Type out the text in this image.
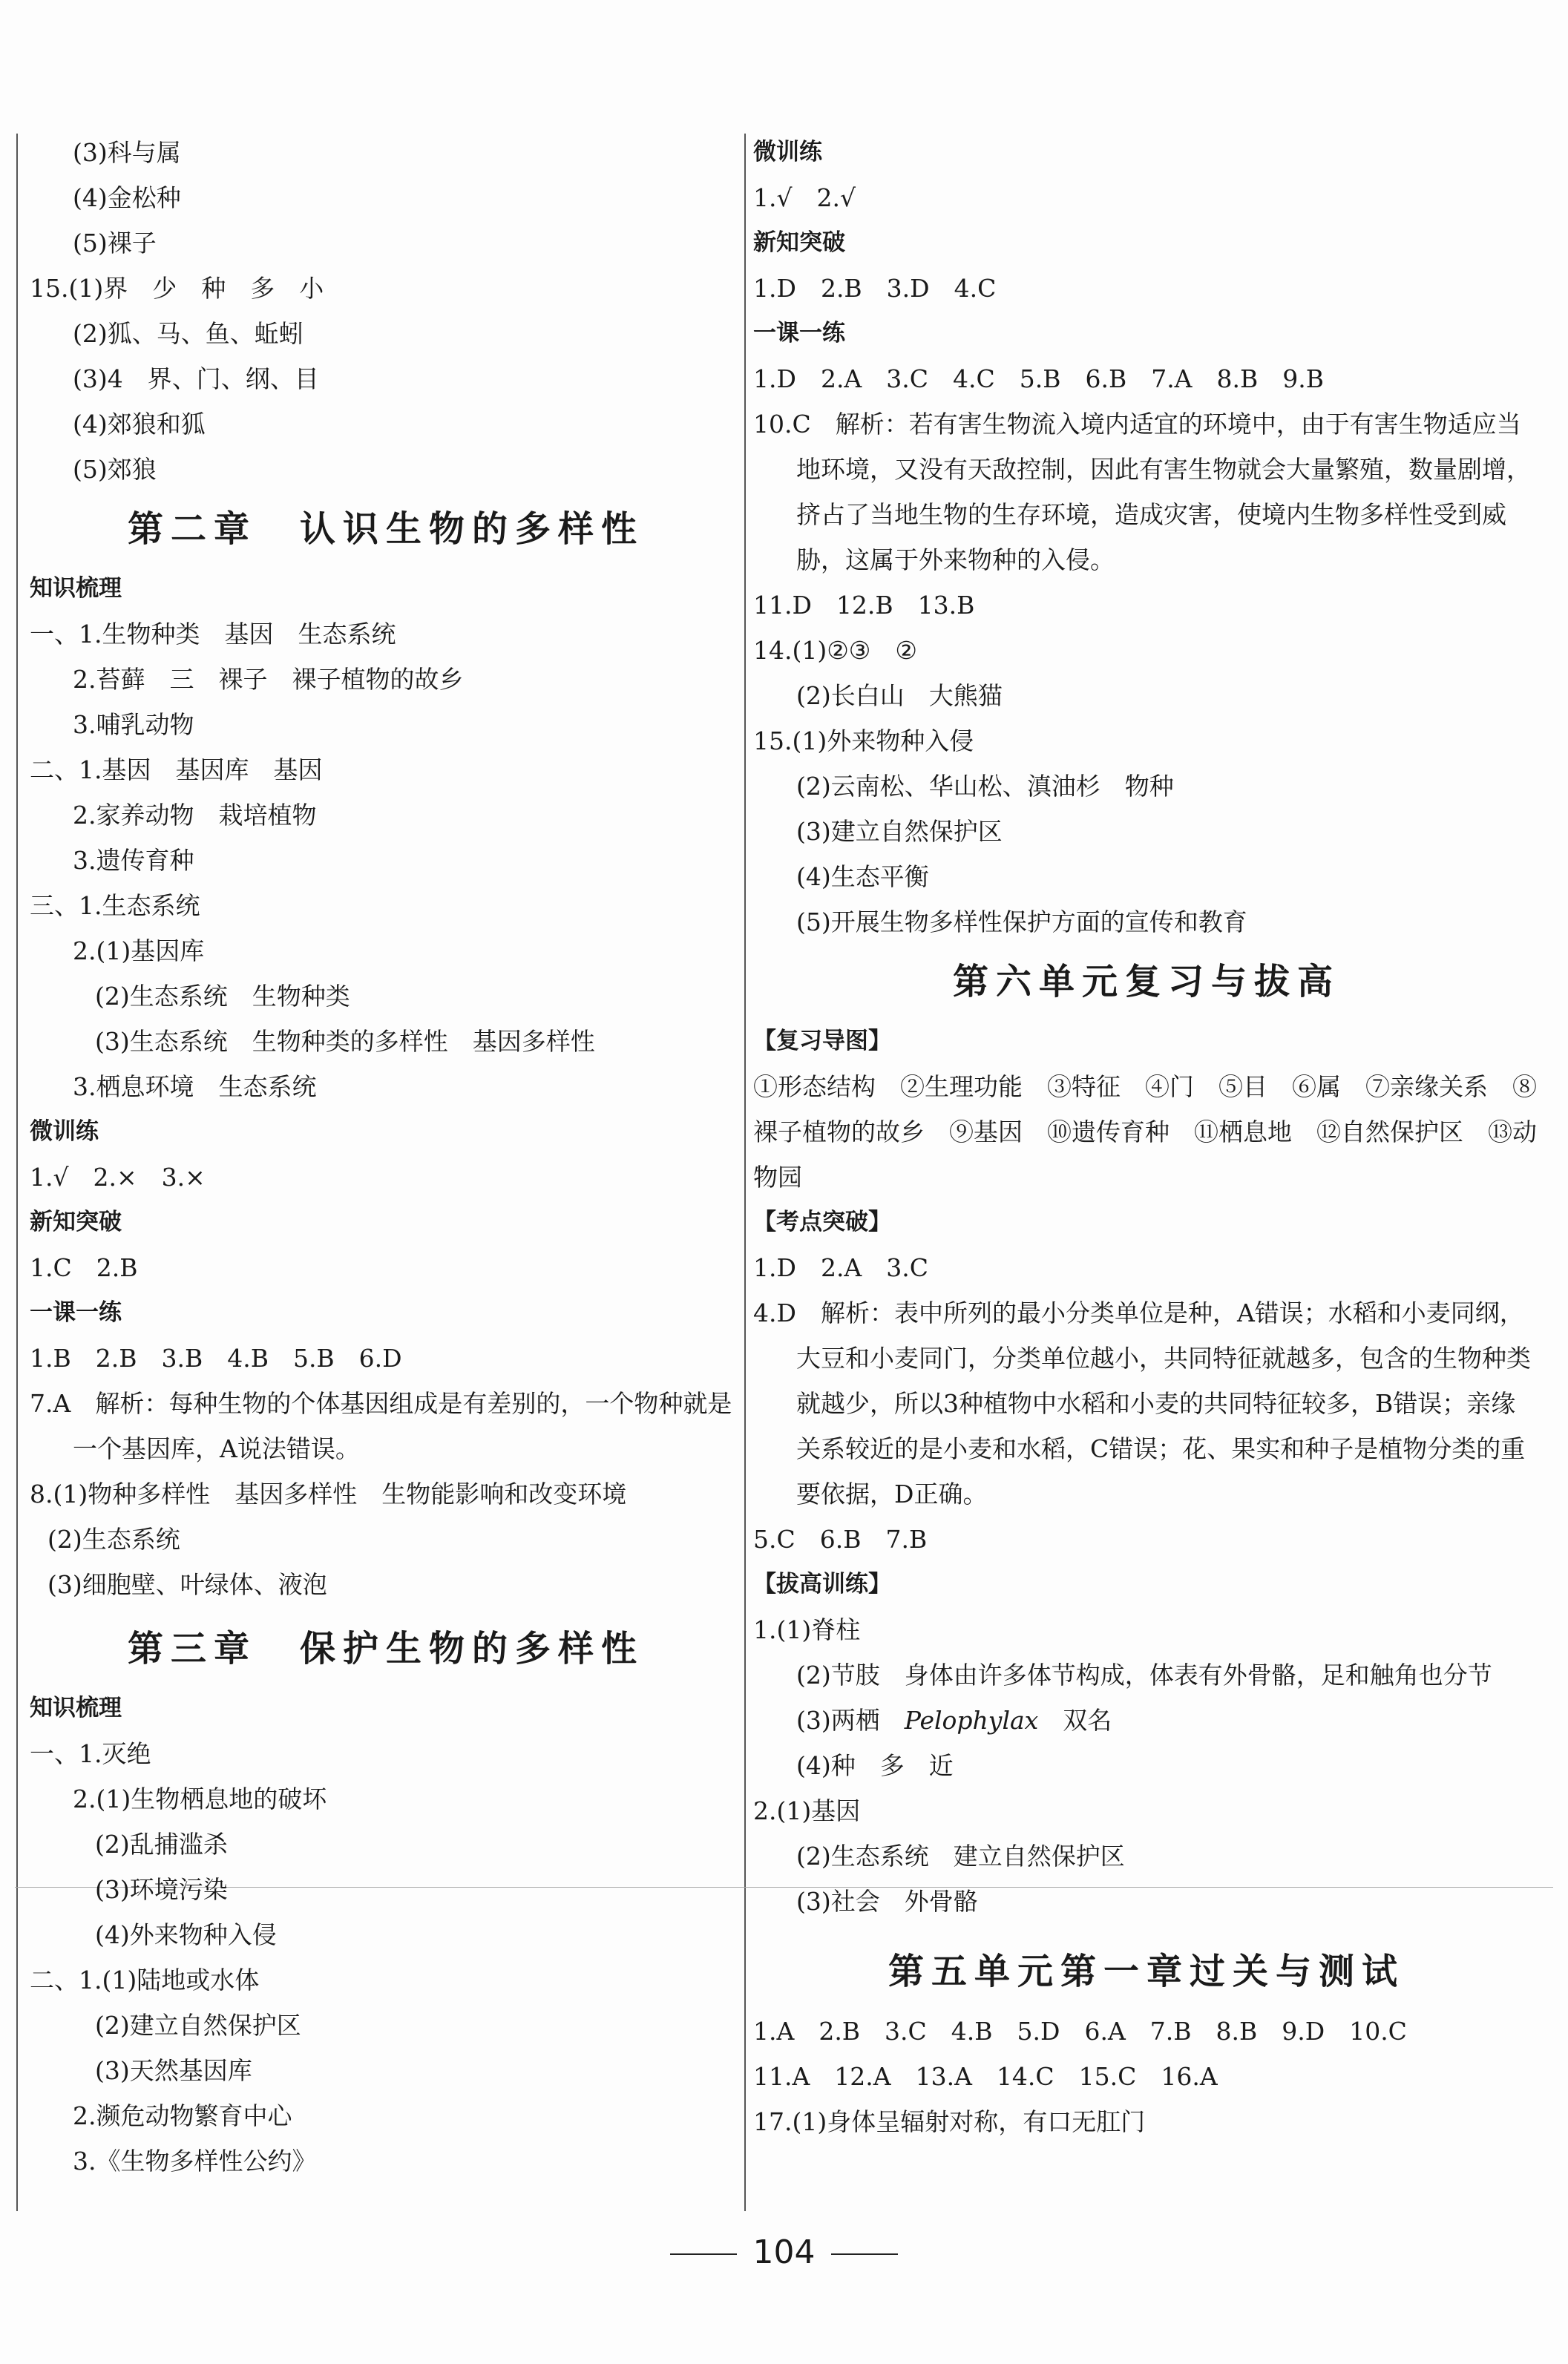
(3)科与属
(4)金松种
(5)裸子
15.(1)界　少　种　多　小
(2)狐、马、鱼、蚯蚓
(3)4　界、门、纲、目
(4)郊狼和狐
(5)郊狼
第二章　认识生物的多样性
知识梳理
一、1.生物种类　基因　生态系统
2.苔藓　三　裸子　裸子植物的故乡
3.哺乳动物
二、1.基因　基因库　基因
2.家养动物　栽培植物
3.遗传育种
三、1.生态系统
2.(1)基因库
(2)生态系统　生物种类
(3)生态系统　生物种类的多样性　基因多样性
3.栖息环境　生态系统
微训练
1.√　2.×　3.×
新知突破
1.C　2.B
一课一练
1.B　2.B　3.B　4.B　5.B　6.D
7.A　解析：每种生物的个体基因组成是有差别的，一个物种就是一个基因库，A说法错误。
8.(1)物种多样性　基因多样性　生物能影响和改变环境
(2)生态系统
(3)细胞壁、叶绿体、液泡
第三章　保护生物的多样性
知识梳理
一、1.灭绝
2.(1)生物栖息地的破坏
(2)乱捕滥杀
(3)环境污染
(4)外来物种入侵
二、1.(1)陆地或水体
(2)建立自然保护区
(3)天然基因库
2.濒危动物繁育中心
3.《生物多样性公约》
微训练
1.√　2.√
新知突破
1.D　2.B　3.D　4.C
一课一练
1.D　2.A　3.C　4.C　5.B　6.B　7.A　8.B　9.B
10.C　解析：若有害生物流入境内适宜的环境中，由于有害生物适应当地环境，又没有天敌控制，因此有害生物就会大量繁殖，数量剧增，挤占了当地生物的生存环境，造成灾害，使境内生物多样性受到威胁，这属于外来物种的入侵。
11.D　12.B　13.B
14.(1)②③　②
(2)长白山　大熊猫
15.(1)外来物种入侵
(2)云南松、华山松、滇油杉　物种
(3)建立自然保护区
(4)生态平衡
(5)开展生物多样性保护方面的宣传和教育
第六单元复习与拔高
【复习导图】
①形态结构　②生理功能　③特征　④门　⑤目　⑥属　⑦亲缘关系　⑧裸子植物的故乡　⑨基因　⑩遗传育种　⑪栖息地　⑫自然保护区　⑬动物园
【考点突破】
1.D　2.A　3.C
4.D　解析：表中所列的最小分类单位是种，A错误；水稻和小麦同纲，大豆和小麦同门，分类单位越小，共同特征就越多，包含的生物种类就越少，所以3种植物中水稻和小麦的共同特征较多，B错误；亲缘关系较近的是小麦和水稻，C错误；花、果实和种子是植物分类的重要依据，D正确。
5.C　6.B　7.B
【拔高训练】
1.(1)脊柱
(2)节肢　身体由许多体节构成，体表有外骨骼，足和触角也分节
(3)两栖　Pelophylax　双名
(4)种　多　近
2.(1)基因
(2)生态系统　建立自然保护区
(3)社会　外骨骼
第五单元第一章过关与测试
1.A　2.B　3.C　4.B　5.D　6.A　7.B　8.B　9.D　10.C
11.A　12.A　13.A　14.C　15.C　16.A
17.(1)身体呈辐射对称，有口无肛门
104
